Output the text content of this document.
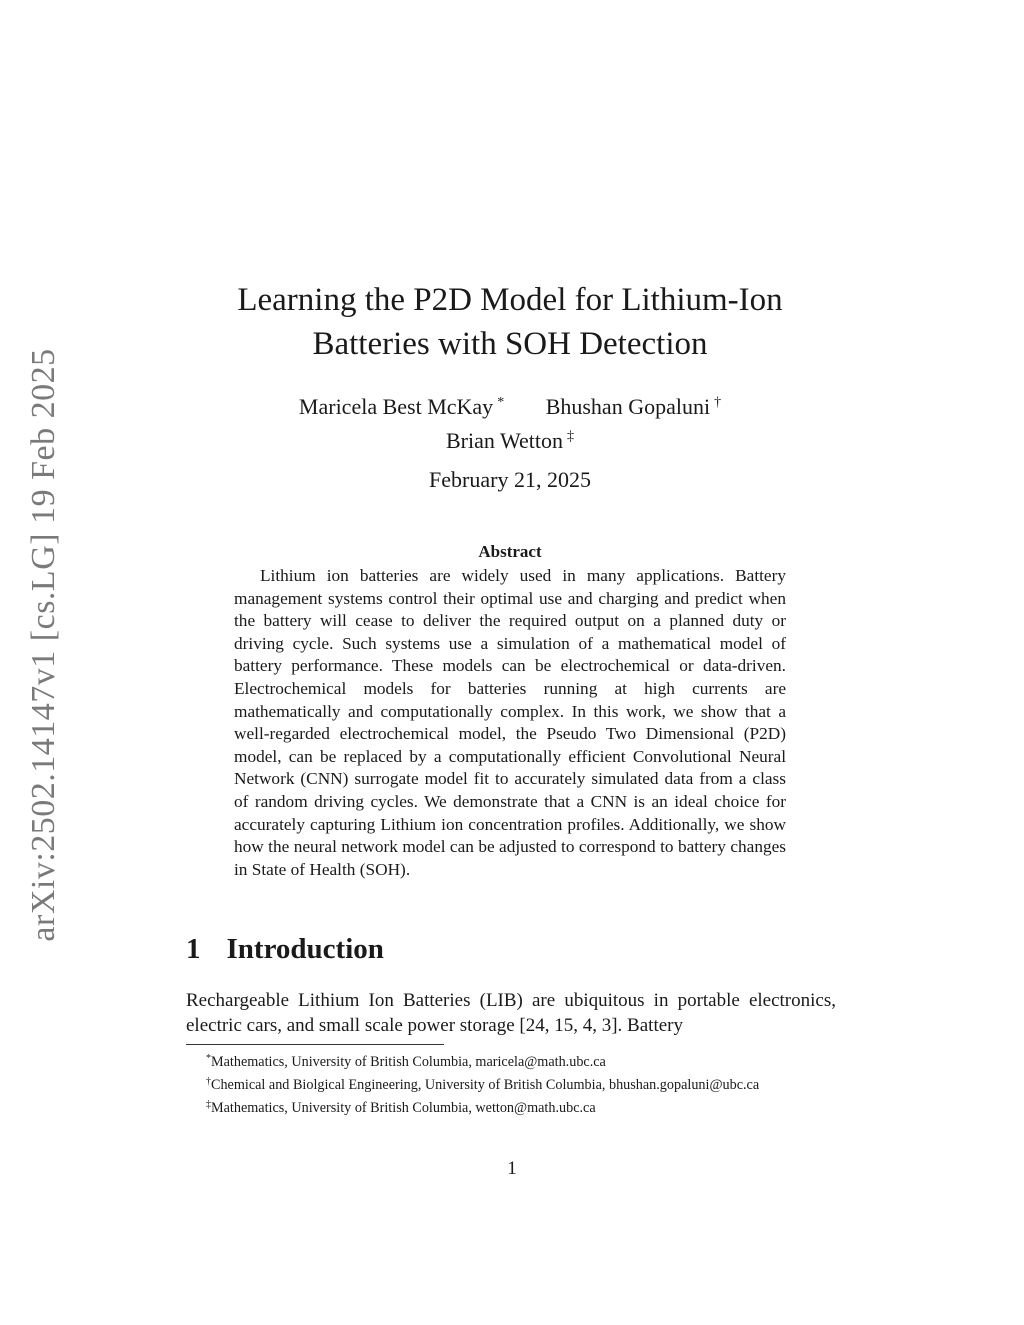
arXiv:2502.14147v1 [cs.LG] 19 Feb 2025
Learning the P2D Model for Lithium-Ion
Batteries with SOH Detection
Maricela Best McKay * Bhushan Gopaluni †
Brian Wetton ‡
February 21, 2025
Abstract

Lithium ion batteries are widely used in many applications. Battery management systems control their optimal use and charging and predict when the battery will cease to deliver the required output on a planned duty or driving cycle. Such systems use a simulation of a mathematical model of battery performance. These models can be electrochemical or data-driven. Electrochemical models for batteries running at high currents are mathematically and computationally complex. In this work, we show that a well-regarded electrochemical model, the Pseudo Two Dimensional (P2D) model, can be replaced by a computationally efficient Convolutional Neural Network (CNN) surrogate model fit to accurately simulated data from a class of random driving cycles. We demonstrate that a CNN is an ideal choice for accurately capturing Lithium ion concentration profiles. Additionally, we show how the neural network model can be adjusted to correspond to battery changes in State of Health (SOH).

1 Introduction

Rechargeable Lithium Ion Batteries (LIB) are ubiquitous in portable electronics, electric cars, and small scale power storage [24, 15, 4, 3]. Battery

*Mathematics, University of British Columbia, maricela@math.ubc.ca

†Chemical and Biolgical Engineering, University of British Columbia, bhushan.gopaluni@ubc.ca

‡Mathematics, University of British Columbia, wetton@math.ubc.ca

1
